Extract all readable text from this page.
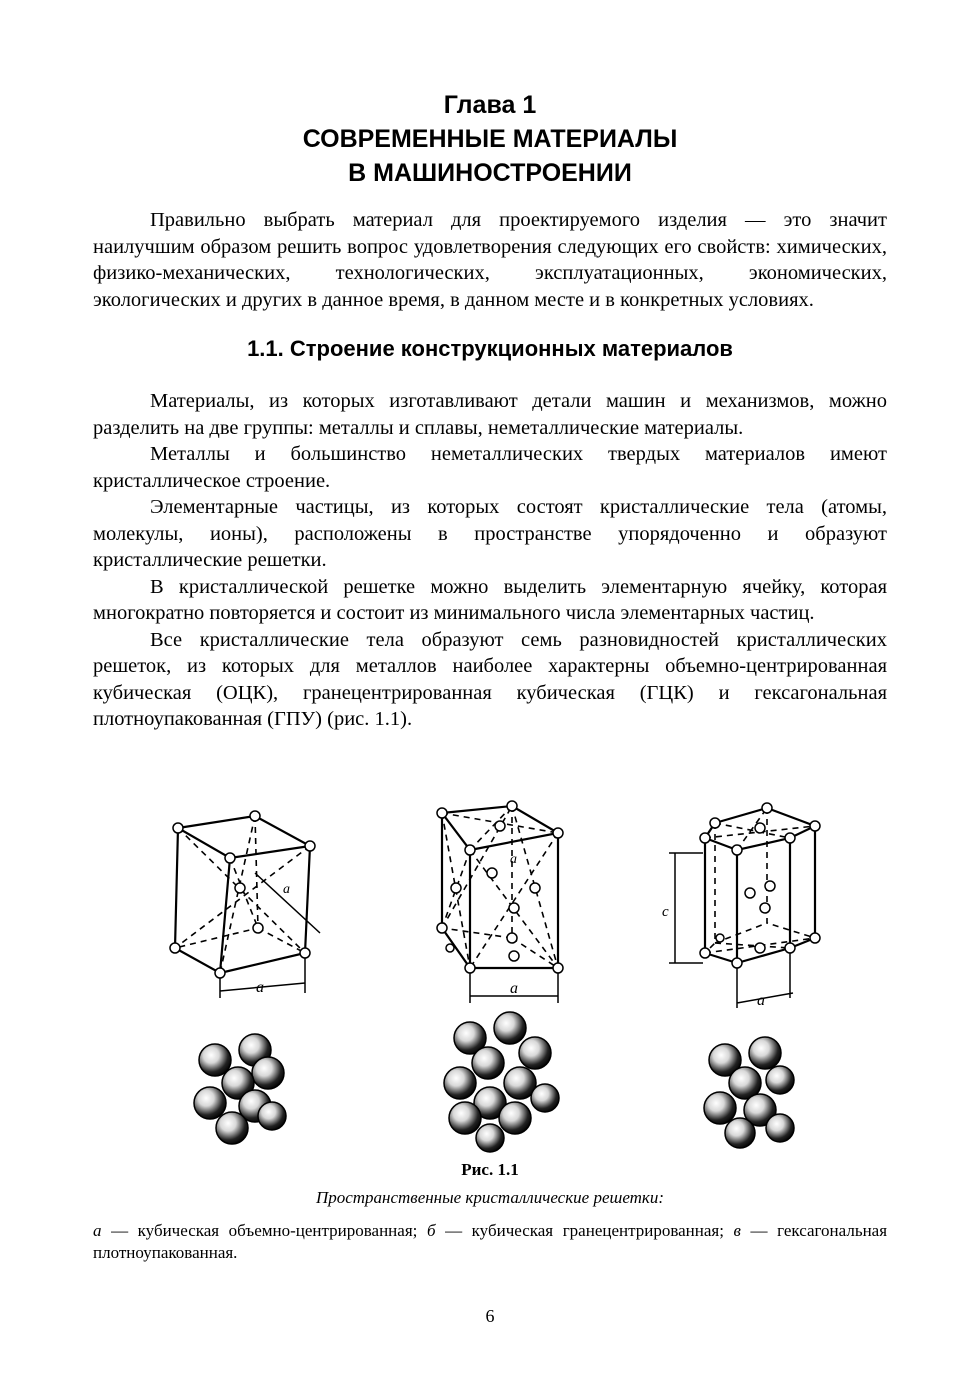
Глава 1
СОВРЕМЕННЫЕ МАТЕРИАЛЫ
В МАШИНОСТРОЕНИИ

Правильно выбрать материал для проектируемого изделия — это значит наилучшим образом решить вопрос удовлетворения следующих его свойств: химических, физико-механических, технологических, эксплуатационных, экономических, экологических и других в данное время, в данном месте и в конкретных условиях.

1.1. Строение конструкционных материалов

Материалы, из которых изготавливают детали машин и механизмов, можно разделить на две группы: металлы и сплавы, неметаллические материалы.

Металлы и большинство неметаллических твердых материалов имеют кристаллическое строение.

Элементарные частицы, из которых состоят кристаллические тела (атомы, молекулы, ионы), расположены в пространстве упорядоченно и образуют кристаллические решетки.

В кристаллической решетке можно выделить элементарную ячейку, которая многократно повторяется и состоит из минимального числа элементарных частиц.

Все кристаллические тела образуют семь разновидностей кристаллических решеток, из которых для металлов наиболее характерны объемно-центрированная кубическая (ОЦК), гранецентрированная кубическая (ГЦК) и гексагональная плотноупакованная (ГПУ) (рис. 1.1).

a
a
a
a
c
a
Рис. 1.1
Пространственные кристаллические решетки:
а — кубическая объемно-центрированная; б — кубическая гранецентрированная; в — гексагональная плотноупакованная.
6
